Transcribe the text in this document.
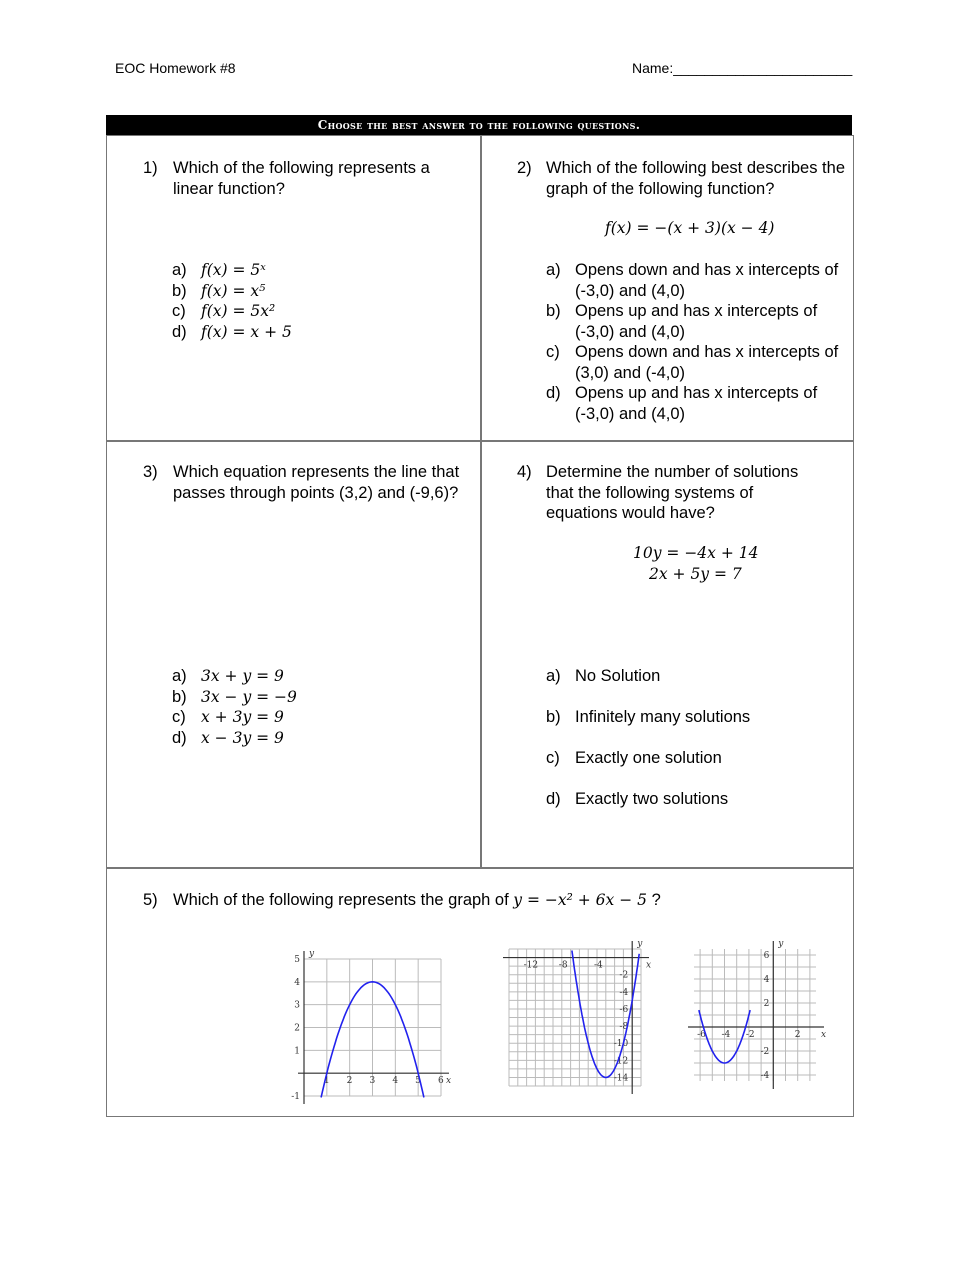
EOC Homework #8	Name:_______________________
Choose the best answer to the following questions.
1) Which of the following represents a linear function?
2) Which of the following best describes the graph of the following function?
f(x) = −(x + 3)(x − 4)
3) Which equation represents the line that passes through points (3,2) and (-9,6)?
4) Determine the number of solutions that the following systems of equations would have?
10y = −4x + 14
2x + 5y = 7
5) Which of the following represents the graph of y = −x² + 6x − 5 ?
x
y
1 2 3 4 5 6
-1
1
2
3
4
5
x
y
-12 -8	-4
-2
-4
-6
-8
-10
-12
-14
x
y
-6 -4 -2	2
6
4
2
-2
-4
a) f(x) = 5ˣ
b) f(x) = x⁵
c) f(x) = 5x²
d) f(x) = x + 5
a) Opens down and has x intercepts of (-3,0) and (4,0)
b) Opens up and has x intercepts of (-3,0) and (4,0)
c) Opens down and has x intercepts of (3,0) and (-4,0)
d) Opens up and has x intercepts of (-3,0) and (4,0)
a) 3x + y = 9
b) 3x − y = −9
c) x + 3y = 9
d) x − 3y = 9
a) No Solution
b) Infinitely many solutions
c) Exactly one solution
d) Exactly two solutions
